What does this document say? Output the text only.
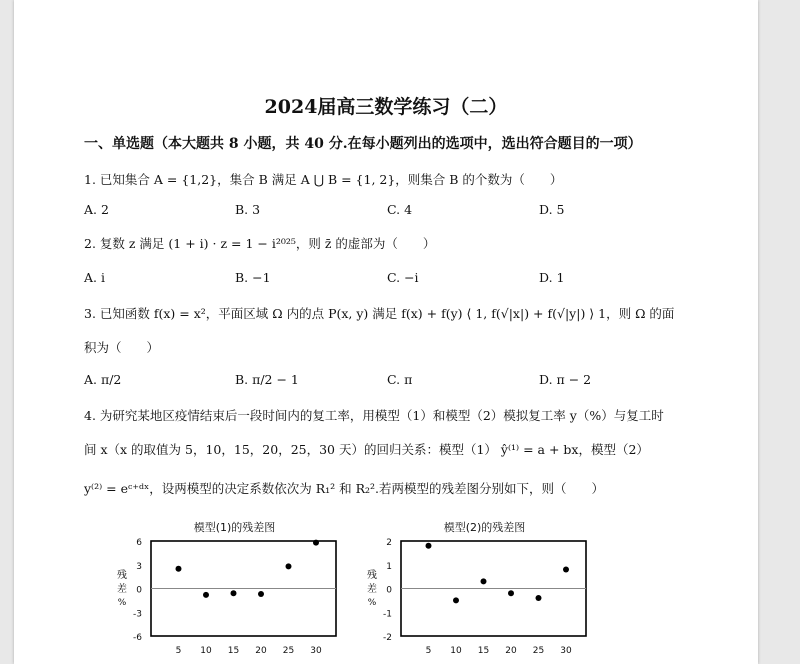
2024届高三数学练习（二）
一、单选题（本大题共 8 小题，共 40 分.在每小题列出的选项中，选出符合题目的一项）
1. 已知集合 A = {1,2}，集合 B 满足 A ⋃ B = {1, 2}，则集合 B 的个数为（　　）
A. 2	B. 3	C. 4	D. 5
2. 复数 z 满足 (1 + i) · z = 1 − i²⁰²⁵，则 z̄ 的虚部为（　　）
A. i	B. −1	C. −i	D. 1
3. 已知函数 f(x) = x²，平面区域 Ω 内的点 P(x, y) 满足 f(x) + f(y) ⟨ 1, f(√|x|) + f(√|y|) ⟩ 1，则 Ω 的面
积为（　　）
A. π/2	B. π/2 − 1	C. π	D. π − 2
4. 为研究某地区疫情结束后一段时间内的复工率，用模型（1）和模型（2）模拟复工率 y（%）与复工时
间 x（x 的取值为 5，10，15，20，25，30 天）的回归关系：模型（1） ŷ⁽¹⁾ = a + bx，模型（2）
y⁽²⁾ = eᶜ⁺ᵈˣ，设两模型的决定系数依次为 R₁² 和 R₂².若两模型的残差图分别如下，则（　　）
模型(1)的残差图
6
3
0
-3
-6
5 10 15 20 25 30
残
差
%
模型(2)的残差图
2
1
0
-1
-2
5 10 15 20 25 30
残
差
%
